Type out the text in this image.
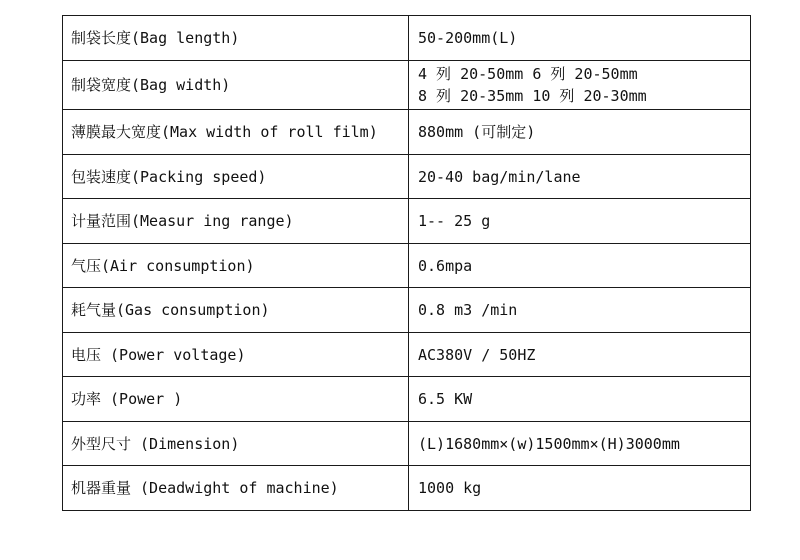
制袋长度(Bag length)	50-200mm(L)

制袋宽度(Bag width)	4 列 20-50mm 6 列 20-50mm
8 列 20-35mm 10 列 20-30mm

薄膜最大宽度(Max width of roll film)	880mm (可制定)

包装速度(Packing speed)	20-40 bag/min/lane

计量范围(Measur ing range)	1-- 25 g

气压(Air consumption)	0.6mpa

耗气量(Gas consumption)	0.8 m3 /min

电压 (Power voltage)	AC380V / 50HZ

功率 (Power )	6.5 KW

外型尺寸 (Dimension)	(L)1680mm×(w)1500mm×(H)3000mm

机器重量 (Deadwight of machine)	1000 kg
